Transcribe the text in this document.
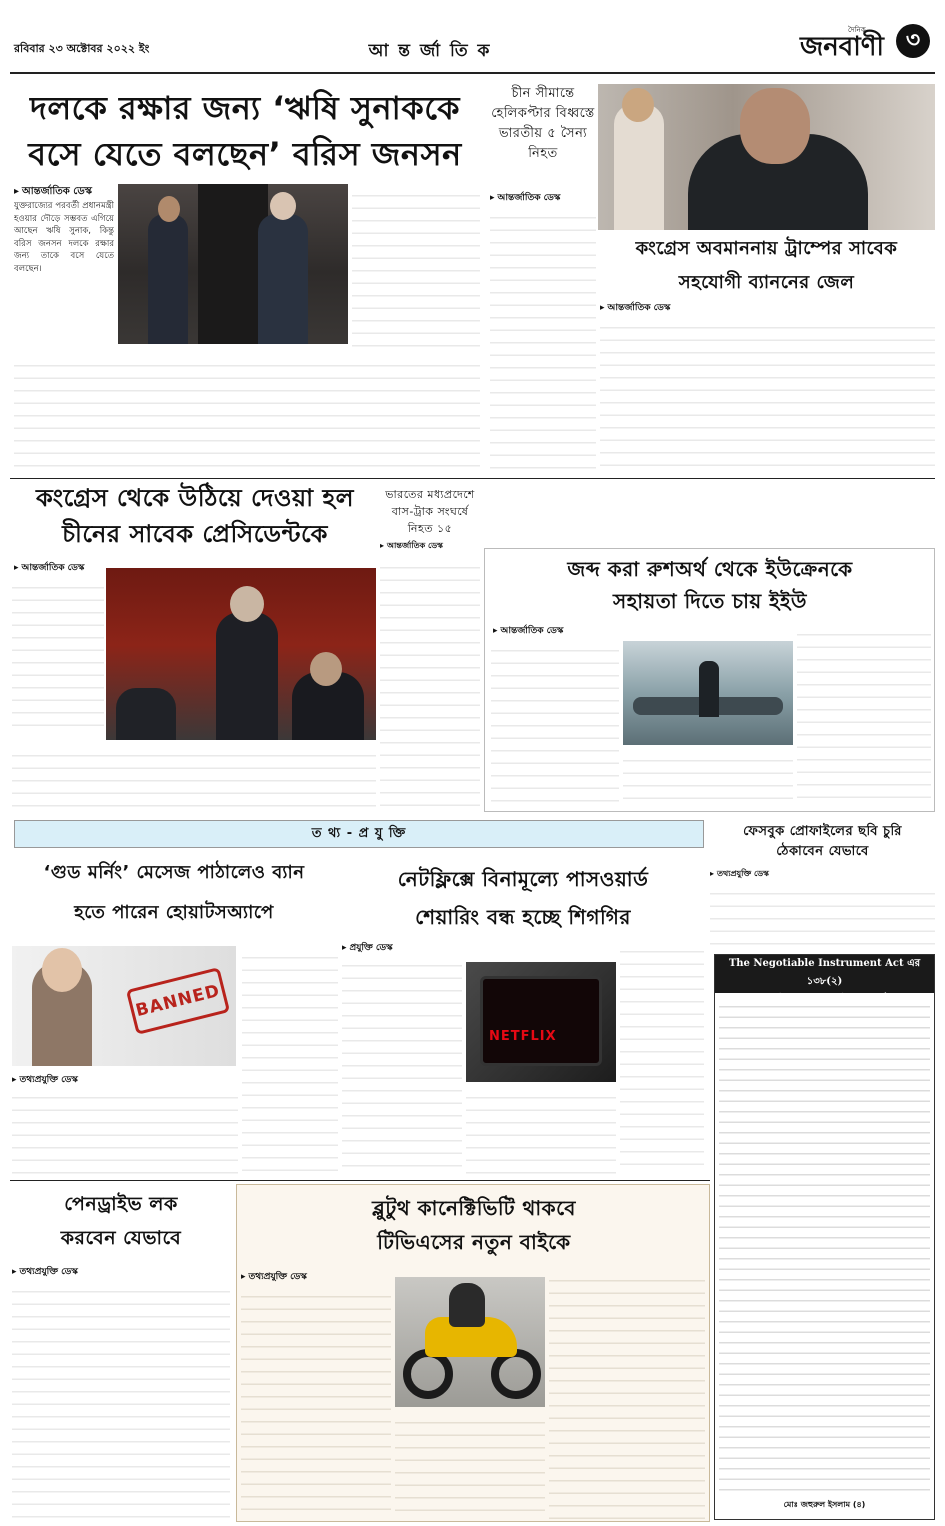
রবিবার ২৩ অক্টোবর ২০২২ ইং	আ ন্ত র্জা তি ক
দৈনিক
জনবাণী ৩
দলকে রক্ষার জন্য ‘ঋষি সুনাককে
বসে যেতে বলছেন’ বরিস জনসন
▸ আন্তর্জাতিক ডেস্ক
যুক্তরাজ্যের পরবর্তী প্রধানমন্ত্রী হওয়ার দৌড়ে সম্ভবত এগিয়ে আছেন ঋষি সুনাক, কিন্তু বরিস জনসন দলকে রক্ষার জন্য তাকে বসে যেতে বলছেন।
চীন সীমান্তে হেলিকপ্টার বিধ্বস্তে ভারতীয় ৫ সৈন্য নিহত
▸ আন্তর্জাতিক ডেস্ক
কংগ্রেস অবমাননায় ট্রাম্পের সাবেক
সহযোগী ব্যাননের জেল
▸ আন্তর্জাতিক ডেস্ক
কংগ্রেস থেকে উঠিয়ে দেওয়া হল
চীনের সাবেক প্রেসিডেন্টকে
▸ আন্তর্জাতিক ডেস্ক
ভারতের মধ্যপ্রদেশে বাস-ট্রাক সংঘর্ষে নিহত ১৫
▸ আন্তর্জাতিক ডেস্ক
জব্দ করা রুশঅর্থ থেকে ইউক্রেনকে
সহায়তা দিতে চায় ইইউ
▸ আন্তর্জাতিক ডেস্ক
ত থ্য - প্র যু ক্তি	ফেসবুক প্রোফাইলের ছবি চুরি
ঠেকাবেন যেভাবে
▸ তথ্যপ্রযুক্তি ডেস্ক
‘গুড মর্নিং’ মেসেজ পাঠালেও ব্যান
হতে পারেন হোয়াটসঅ্যাপে
BANNED
▸ তথ্যপ্রযুক্তি ডেস্ক
নেটফ্লিক্সে বিনামূল্যে পাসওয়ার্ড
শেয়ারিং বন্ধ হচ্ছে শিগগির
▸ প্রযুক্তি ডেস্ক
NETFLIX
The Negotiable Instrument Act এর ১৩৮(২)
মোঃ জহুরুল ইসলাম (৪)
পেনড্রাইভ লক
করবেন যেভাবে
▸ তথ্যপ্রযুক্তি ডেস্ক
ব্লুটুথ কানেক্টিভিটি থাকবে
টিভিএসের নতুন বাইকে
▸ তথ্যপ্রযুক্তি ডেস্ক
